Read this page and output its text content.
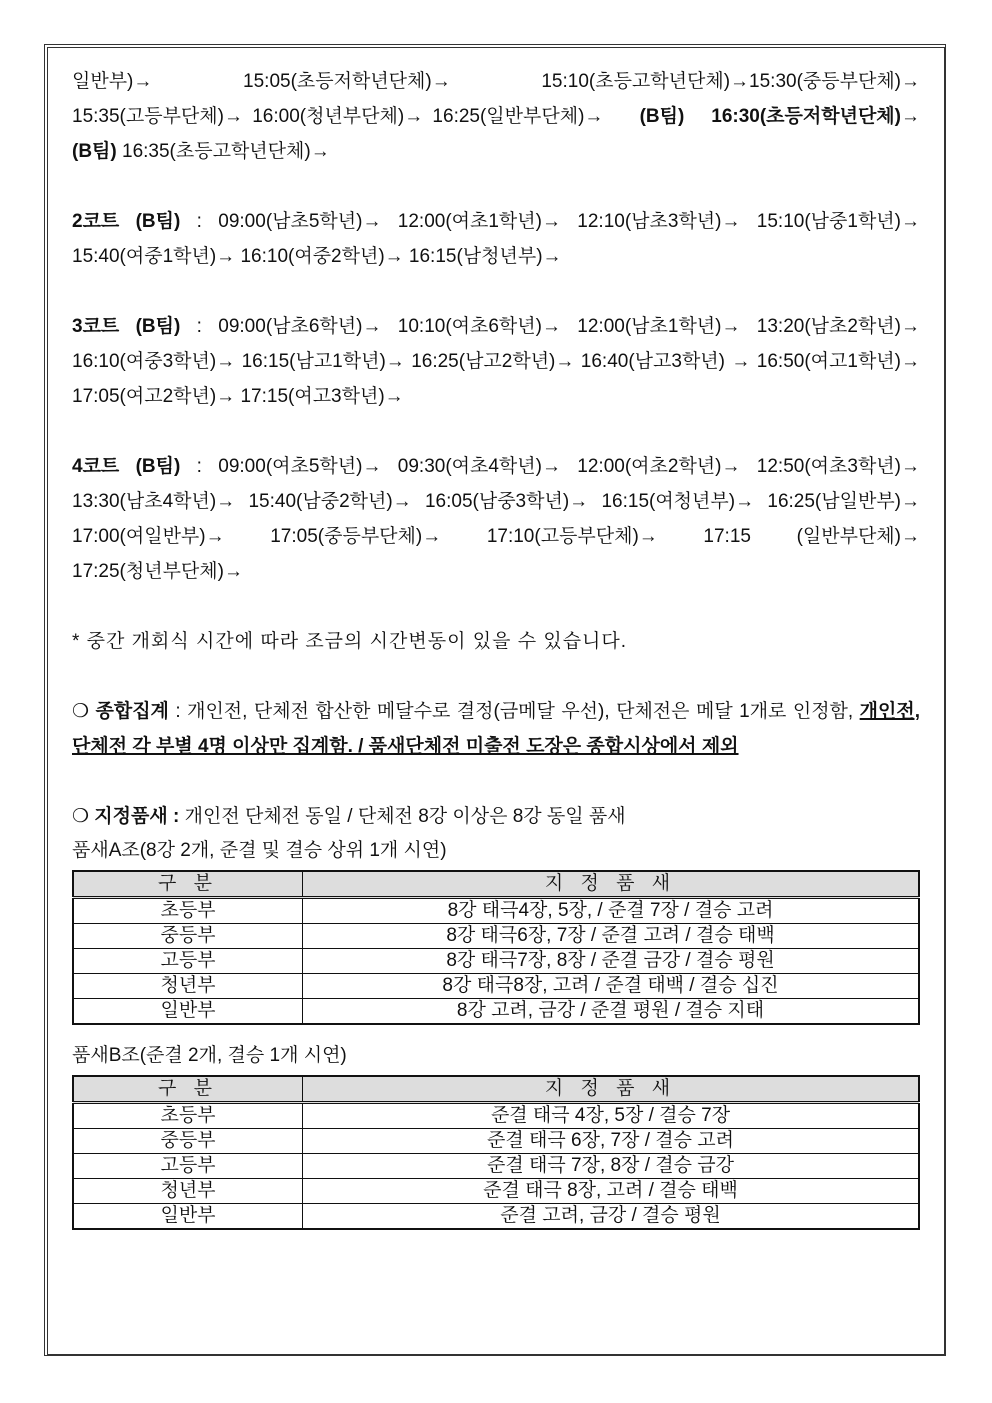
일반부)→　　15:05(초등저학년단체)→　　15:10(초등고학년단체)→15:30(중등부단체)→ 15:35(고등부단체)→ 16:00(청년부단체)→ 16:25(일반부단체)→　 (B팀)　16:30(초등저학년단체)→ (B팀) 16:35(초등고학년단체)→

2코트 (B팀) : 09:00(남초5학년)→ 12:00(여초1학년)→ 12:10(남초3학년)→ 15:10(남중1학년)→ 15:40(여중1학년)→ 16:10(여중2학년)→ 16:15(남청년부)→

3코트 (B팀) : 09:00(남초6학년)→ 10:10(여초6학년)→ 12:00(남초1학년)→ 13:20(남초2학년)→ 16:10(여중3학년)→ 16:15(남고1학년)→ 16:25(남고2학년)→ 16:40(남고3학년) → 16:50(여고1학년)→ 17:05(여고2학년)→ 17:15(여고3학년)→

4코트 (B팀) : 09:00(여초5학년)→ 09:30(여초4학년)→ 12:00(여초2학년)→ 12:50(여초3학년)→ 13:30(남초4학년)→ 15:40(남중2학년)→ 16:05(남중3학년)→ 16:15(여청년부)→ 16:25(남일반부)→ 17:00(여일반부)→ 17:05(중등부단체)→ 17:10(고등부단체)→ 17:15 (일반부단체)→ 17:25(청년부단체)→

* 중간 개회식 시간에 따라 조금의 시간변동이 있을 수 있습니다.

❍ 종합집계 : 개인전, 단체전 합산한 메달수로 결정(금메달 우선), 단체전은 메달 1개로 인정함, 개인전, 단체전 각 부별 4명 이상만 집계함. / 품새단체전 미출전 도장은 종합시상에서 제외

❍ 지정품새 : 개인전 단체전 동일 / 단체전 8강 이상은 8강 동일 품새

품새A조(8강 2개, 준결 및 결승 상위 1개 시연)

구 분	지 정 품 새
초등부	8강 태극4장, 5장, / 준결 7장 / 결승 고려
중등부	8강 태극6장, 7장 / 준결 고려 / 결승 태백
고등부	8강 태극7장, 8장 / 준결 금강 / 결승 평원
청년부	8강 태극8장, 고려 / 준결 태백 / 결승 십진
일반부	8강 고려, 금강 / 준결 평원 / 결승 지태

품새B조(준결 2개, 결승 1개 시연)

구 분	지 정 품 새
초등부	준결 태극 4장, 5장 / 결승 7장
중등부	준결 태극 6장, 7장 / 결승 고려
고등부	준결 태극 7장, 8장 / 결승 금강
청년부	준결 태극 8장, 고려 / 결승 태백
일반부	준결 고려, 금강 / 결승 평원
